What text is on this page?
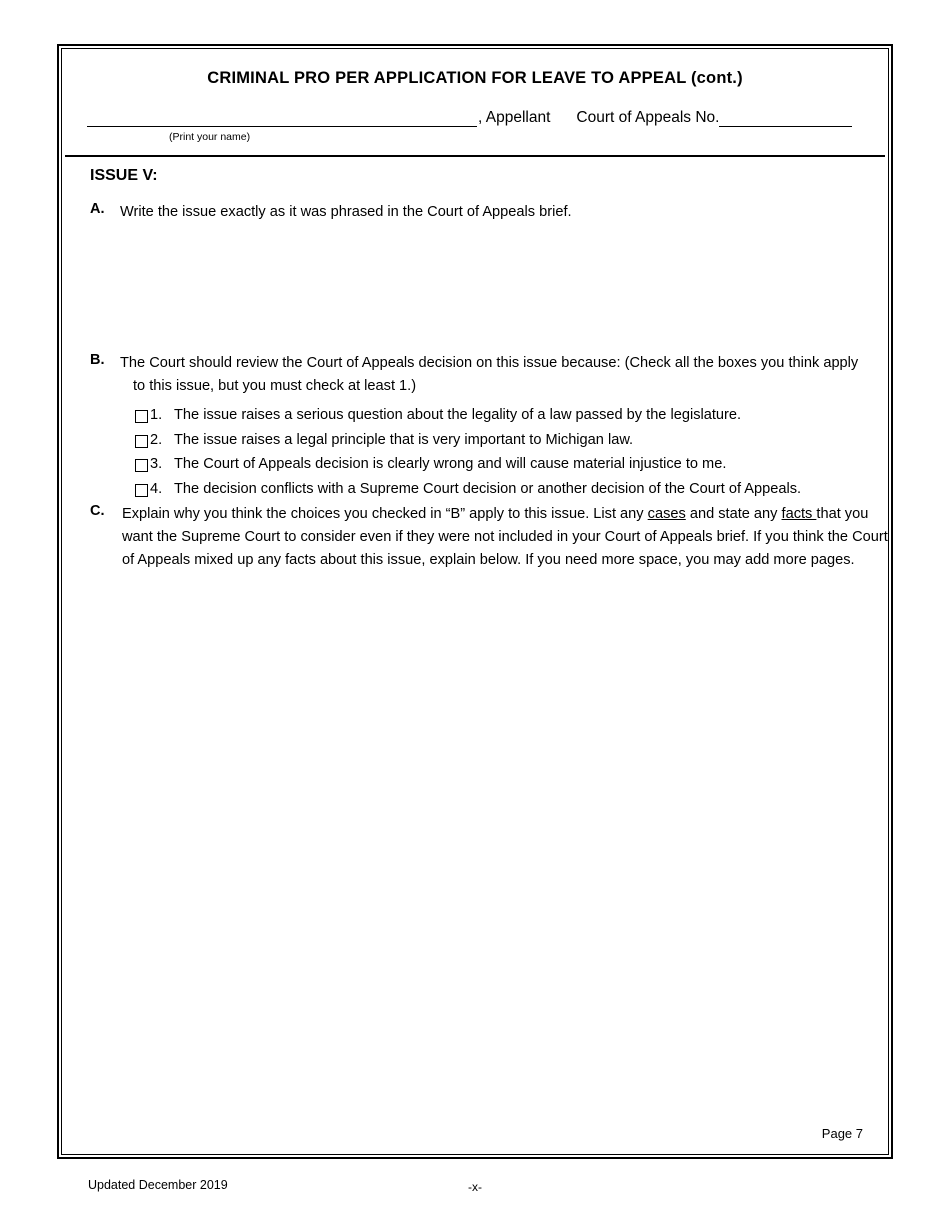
CRIMINAL PRO PER APPLICATION FOR LEAVE TO APPEAL (cont.)
, Appellant Court of Appeals No.
(Print your name)
ISSUE V:
A. Write the issue exactly as it was phrased in the Court of Appeals brief.
B. The Court should review the Court of Appeals decision on this issue because: (Check all the boxes you think apply
to this issue, but you must check at least 1.)
1. The issue raises a serious question about the legality of a law passed by the legislature.
2. The issue raises a legal principle that is very important to Michigan law.
3. The Court of Appeals decision is clearly wrong and will cause material injustice to me.
4. The decision conflicts with a Supreme Court decision or another decision of the Court of Appeals.
C. Explain why you think the choices you checked in “B” apply to this issue. List any cases and state any facts that you want the Supreme Court to consider even if they were not included in your Court of Appeals brief. If you think the Court of Appeals mixed up any facts about this issue, explain below. If you need more space, you may add more pages.
Page 7
Updated December 2019	-x-
